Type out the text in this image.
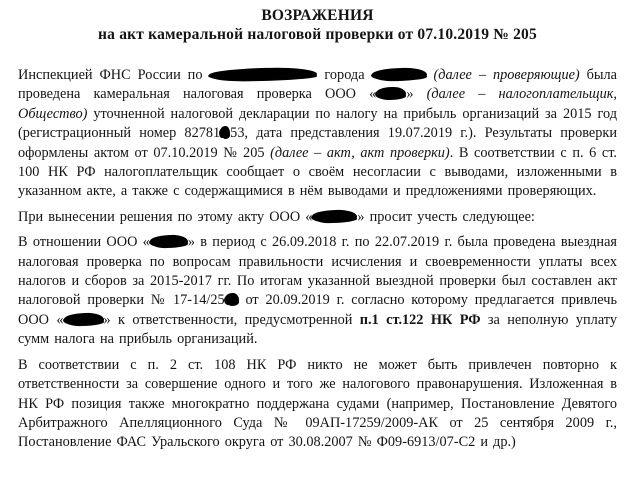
ВОЗРАЖЕНИЯ
на акт камеральной налоговой проверки от 07.10.2019 № 205

Инспекцией ФНС России по	города	(далее – проверяющие) была проведена камеральная налоговая проверка ООО « » (далее – налогоплательщик, Общество) уточненной налоговой декларации по налогу на прибыль организаций за 2015 год (регистрационный номер 82781 53, дата представления 19.07.2019 г.). Результаты проверки оформлены актом от 07.10.2019 № 205 (далее – акт, акт проверки). В соответствии с п. 6 ст. 100 НК РФ налогоплательщик сообщает о своём несогласии с выводами, изложенными в указанном акте, а также с содержащимися в нём выводами и предложениями проверяющих.

При вынесении решения по этому акту ООО «	» просит учесть следующее:

В отношении ООО «	» в период с 26.09.2018 г. по 22.07.2019 г. была проведена выездная налоговая проверка по вопросам правильности исчисления и своевременности уплаты всех налогов и сборов за 2015-2017 гг. По итогам указанной выездной проверки был составлен акт налоговой проверки № 17-14/25 от 20.09.2019 г. согласно которому предлагается привлечь ООО «	» к ответственности, предусмотренной п.1 ст.122 НК РФ за неполную уплату сумм налога на прибыль организаций.

В соответствии с п. 2 ст. 108 НК РФ никто не может быть привлечен повторно к ответственности за совершение одного и того же налогового правонарушения. Изложенная в НК РФ позиция также многократно поддержана судами (например, Постановление Девятого Арбитражного Апелляционного Суда № 09АП-17259/2009-АК от 25 сентября 2009 г., Постановление ФАС Уральского округа от 30.08.2007 № Ф09-6913/07-С2 и др.)
